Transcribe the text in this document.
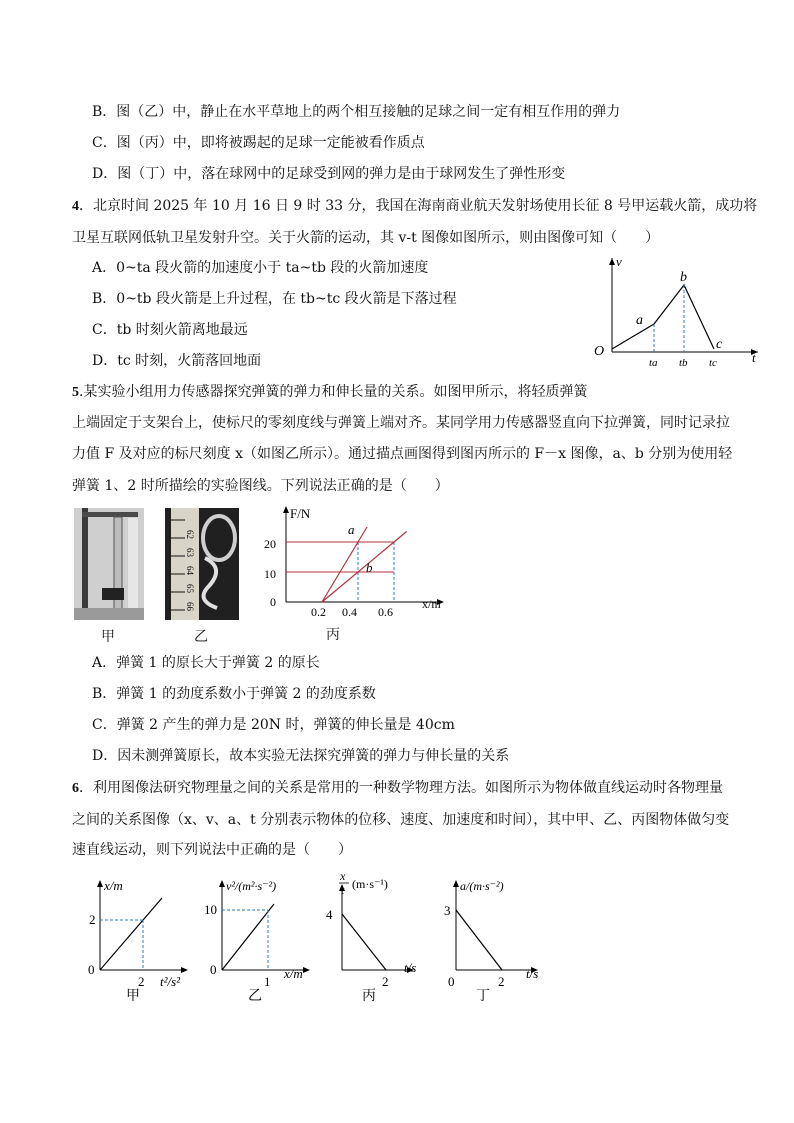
B．图（乙）中，静止在水平草地上的两个相互接触的足球之间一定有相互作用的弹力
C．图（丙）中，即将被踢起的足球一定能被看作质点
D．图（丁）中，落在球网中的足球受到网的弹力是由于球网发生了弹性形变
4．北京时间 2025 年 10 月 16 日 9 时 33 分，我国在海南商业航天发射场使用长征 8 号甲运载火箭，成功将
卫星互联网低轨卫星发射升空。关于火箭的运动，其 v-t 图像如图所示，则由图像可知（　　）
A．0~ta 段火箭的加速度小于 ta~tb 段的火箭加速度
B．0~tb 段火箭是上升过程，在 tb~tc 段火箭是下落过程
C．tb 时刻火箭离地最远
D．tc 时刻，火箭落回地面
O
v
t
a
b
c
ta tb tc
5.某实验小组用力传感器探究弹簧的弹力和伸长量的关系。如图甲所示，将轻质弹簧
上端固定于支架台上，使标尺的零刻度线与弹簧上端对齐。某同学用力传感器竖直向下拉弹簧，同时记录拉
力值 F 及对应的标尺刻度 x（如图乙所示）。通过描点画图得到图丙所示的 F－x 图像，a、b 分别为使用轻
弹簧 1、2 时所描绘的实验图线。下列说法正确的是（　　）
62
63
64
65
66
甲	乙
F/N
x/m
0
10
20
0.2 0.4 0.6
a
b
丙
A．弹簧 1 的原长大于弹簧 2 的原长
B．弹簧 1 的劲度系数小于弹簧 2 的劲度系数
C．弹簧 2 产生的弹力是 20N 时，弹簧的伸长量是 40cm
D．因未测弹簧原长，故本实验无法探究弹簧的弹力与伸长量的关系
6．利用图像法研究物理量之间的关系是常用的一种数学物理方法。如图所示为物体做直线运动时各物理量
之间的关系图像（x、v、a、t 分别表示物体的位移、速度、加速度和时间），其中甲、乙、丙图物体做匀变
速直线运动，则下列说法中正确的是（　　）
x/m
2
0
2 t²/s²
甲
v²/(m²·s⁻²)
10
0
1
x/m
乙
x
t (m·s⁻¹)
4
2
t/s
丙
a/(m·s⁻²)
3
0	2
t/s
丁
